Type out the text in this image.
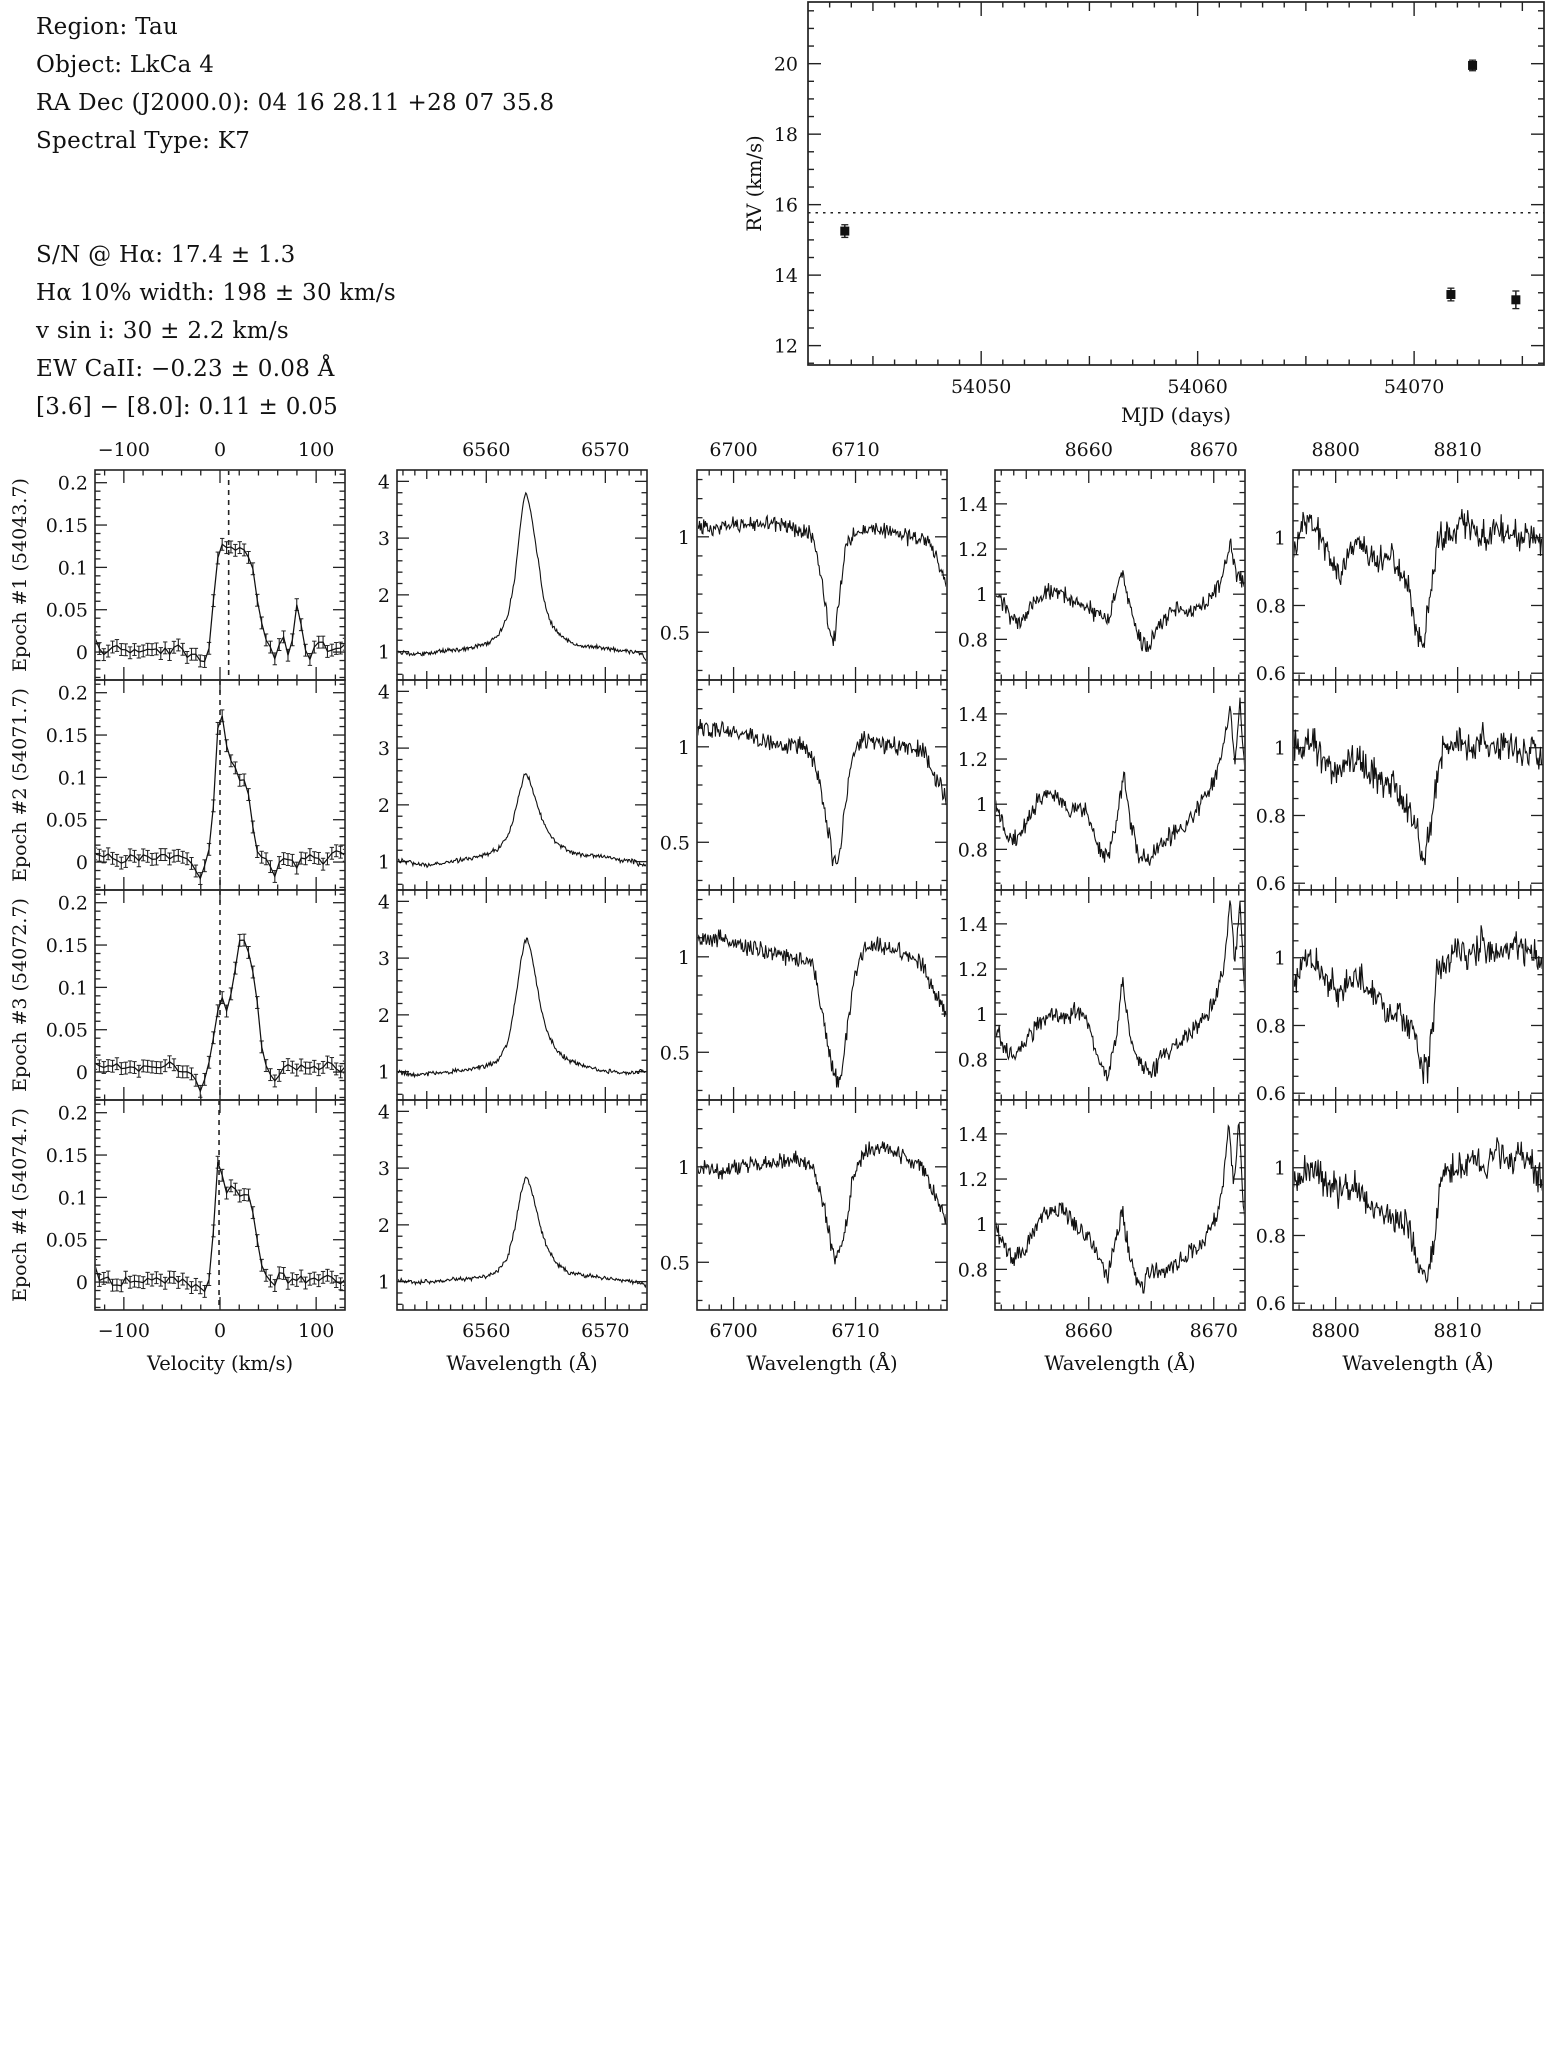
Region: Tau
Object: LkCa 4
RA Dec (J2000.0): 04 16 28.11 +28 07 35.8
Spectral Type: K7
S/N @ Hα: 17.4 ± 1.3
Hα 10% width: 198 ± 30 km/s
v sin i: 30 ± 2.2 km/s
EW CaII: −0.23 ± 0.08 Å
[3.6] − [8.0]: 0.11 ± 0.05
12
14
16
18
20
54050	54060	54070
MJD (days)
RV (km/s)
Epoch #1 (54043.7)
Epoch #2 (54071.7)
Epoch #3 (54072.7)
Epoch #4 (54074.7)
−100
−100
0
0
100
100
Velocity (km/s)
0
0.05
0.1
0.15
0.2
0
0.05
0.1
0.15
0.2
0
0.05
0.1
0.15
0.2
0
0.05
0.1
0.15
0.2
6560
6560
6570
6570
Wavelength (Å)
1
2
3
4
1
2
3
4
1
2
3
4
1
2
3
4
6700
6700
6710
6710
Wavelength (Å)
0.5
1
0.5
1
0.5
1
0.5
1
8660
8660
8670
8670
Wavelength (Å)
0.8
1
1.2
1.4
0.8
1
1.2
1.4
0.8
1
1.2
1.4
0.8
1
1.2
1.4
8800
8800
8810
8810
Wavelength (Å)
0.6
0.8
1
0.6
0.8
1
0.6
0.8
1
0.6
0.8
1
